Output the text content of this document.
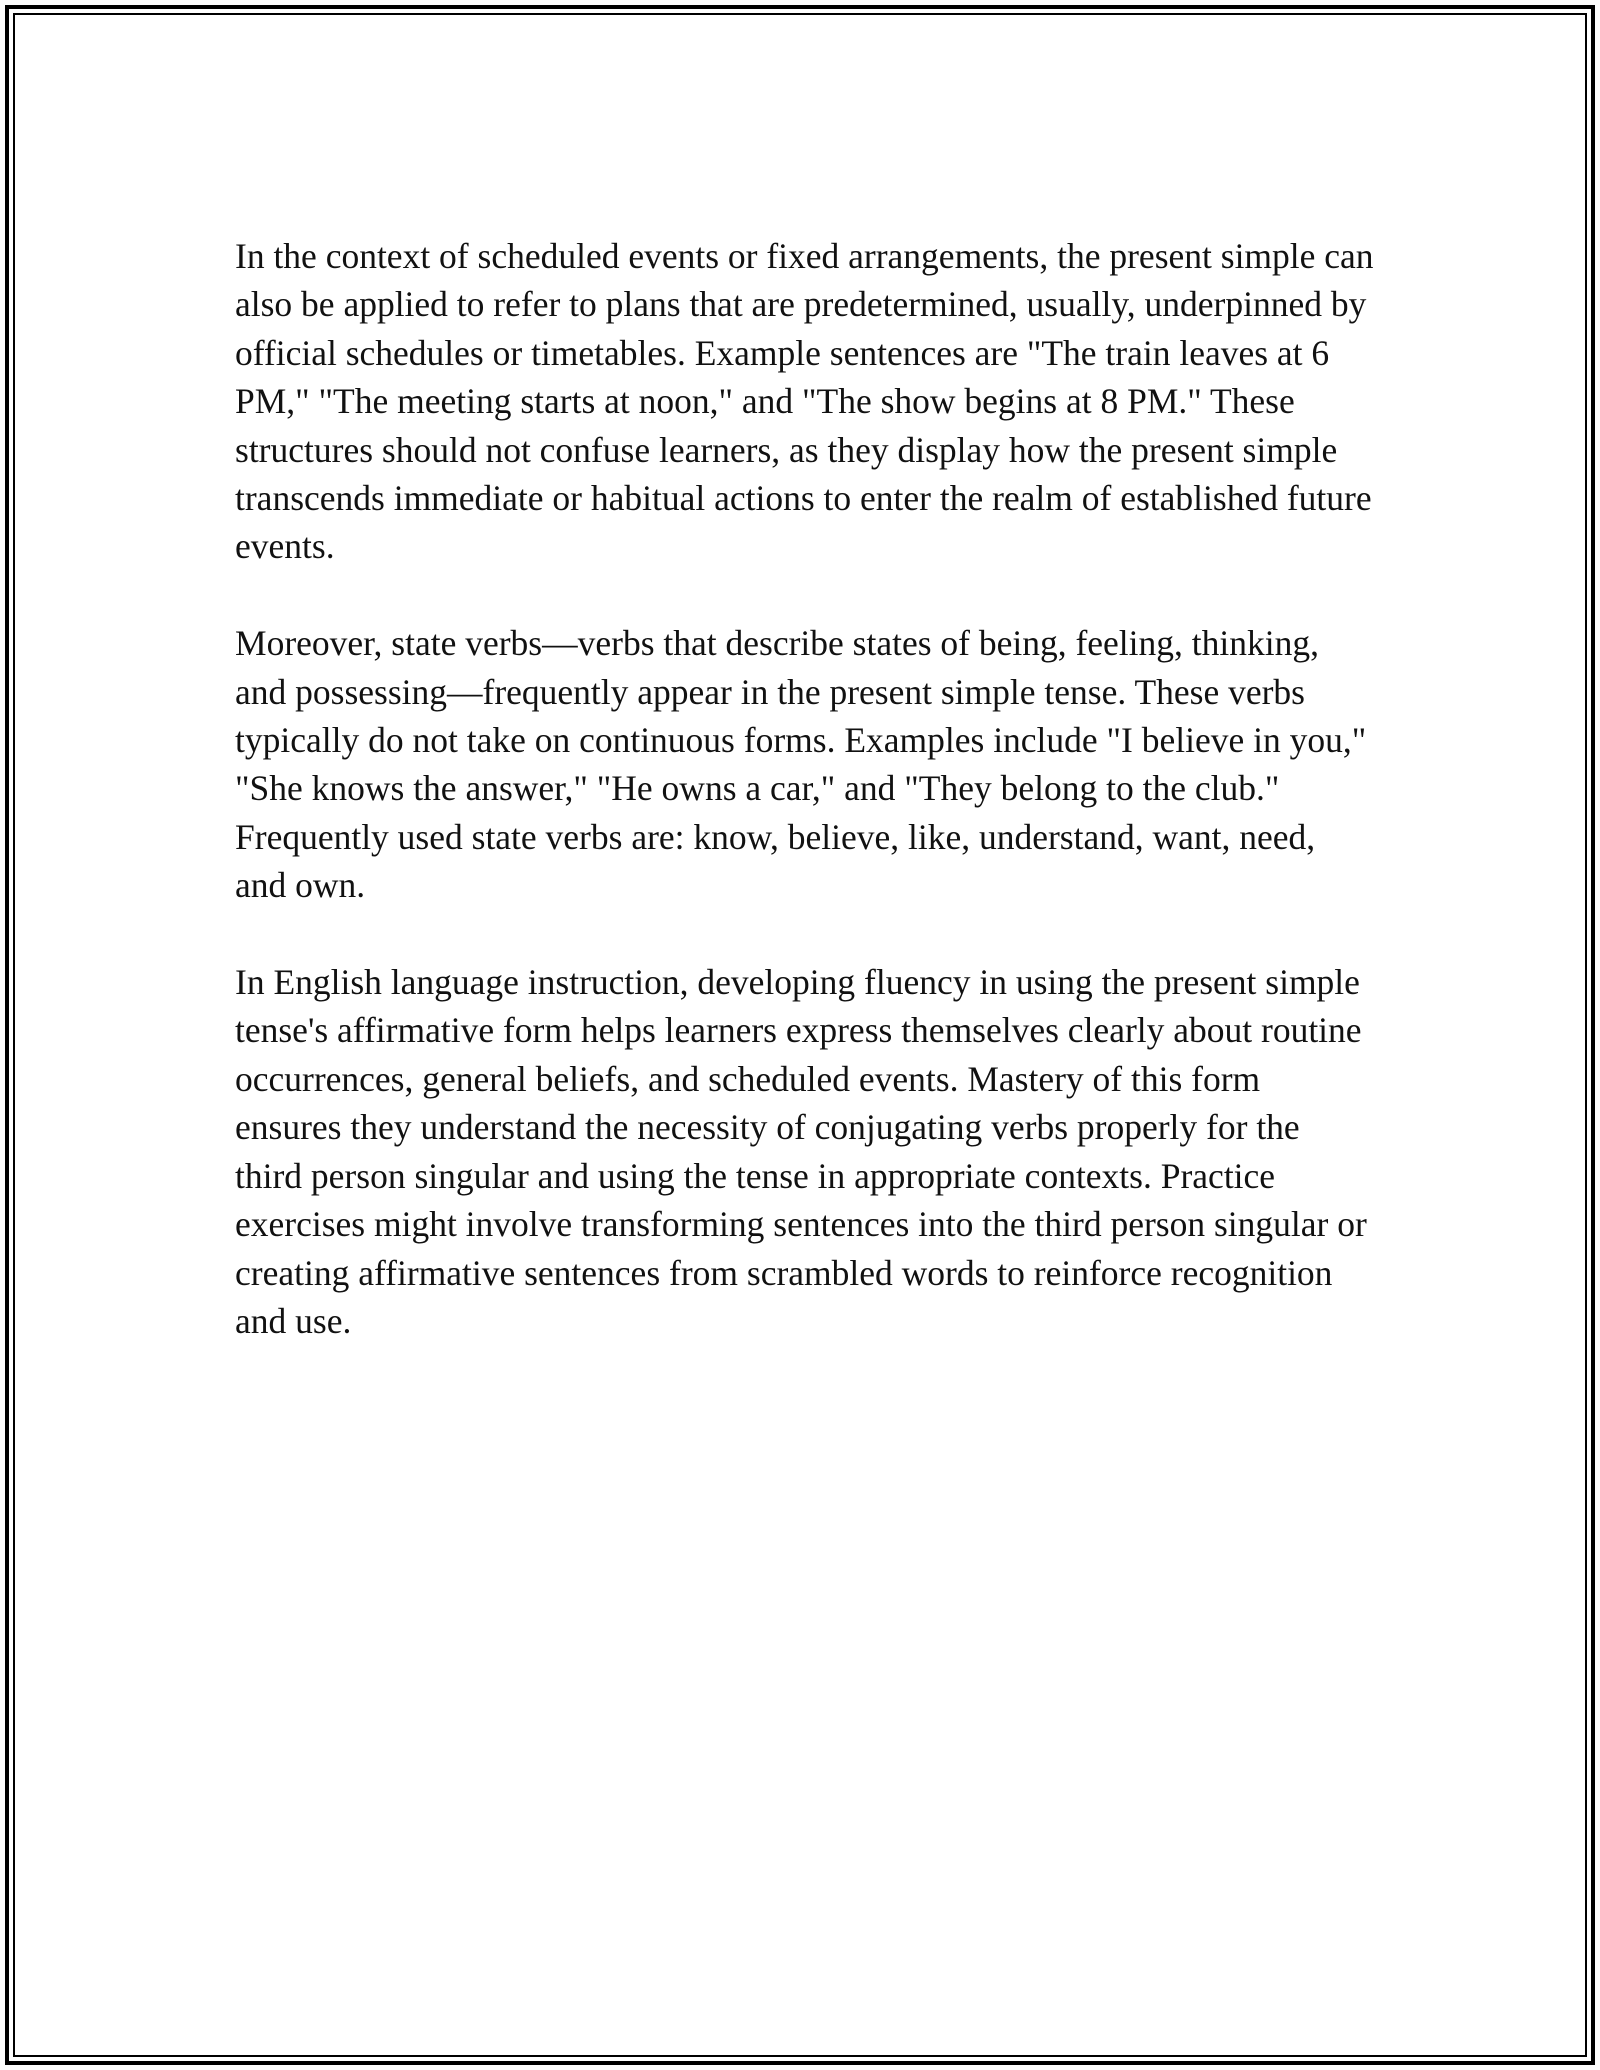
In the context of scheduled events or fixed arrangements, the present simple can also be applied to refer to plans that are predetermined, usually, underpinned by official schedules or timetables. Example sentences are "The train leaves at 6 PM," "The meeting starts at noon," and "The show begins at 8 PM." These structures should not confuse learners, as they display how the present simple transcends immediate or habitual actions to enter the realm of established future events.

Moreover, state verbs—verbs that describe states of being, feeling, thinking, and possessing—frequently appear in the present simple tense. These verbs typically do not take on continuous forms. Examples include "I believe in you," "She knows the answer," "He owns a car," and "They belong to the club." Frequently used state verbs are: know, believe, like, understand, want, need, and own.

In English language instruction, developing fluency in using the present simple tense's affirmative form helps learners express themselves clearly about routine occurrences, general beliefs, and scheduled events. Mastery of this form ensures they understand the necessity of conjugating verbs properly for the third person singular and using the tense in appropriate contexts. Practice exercises might involve transforming sentences into the third person singular or creating affirmative sentences from scrambled words to reinforce recognition and use.
